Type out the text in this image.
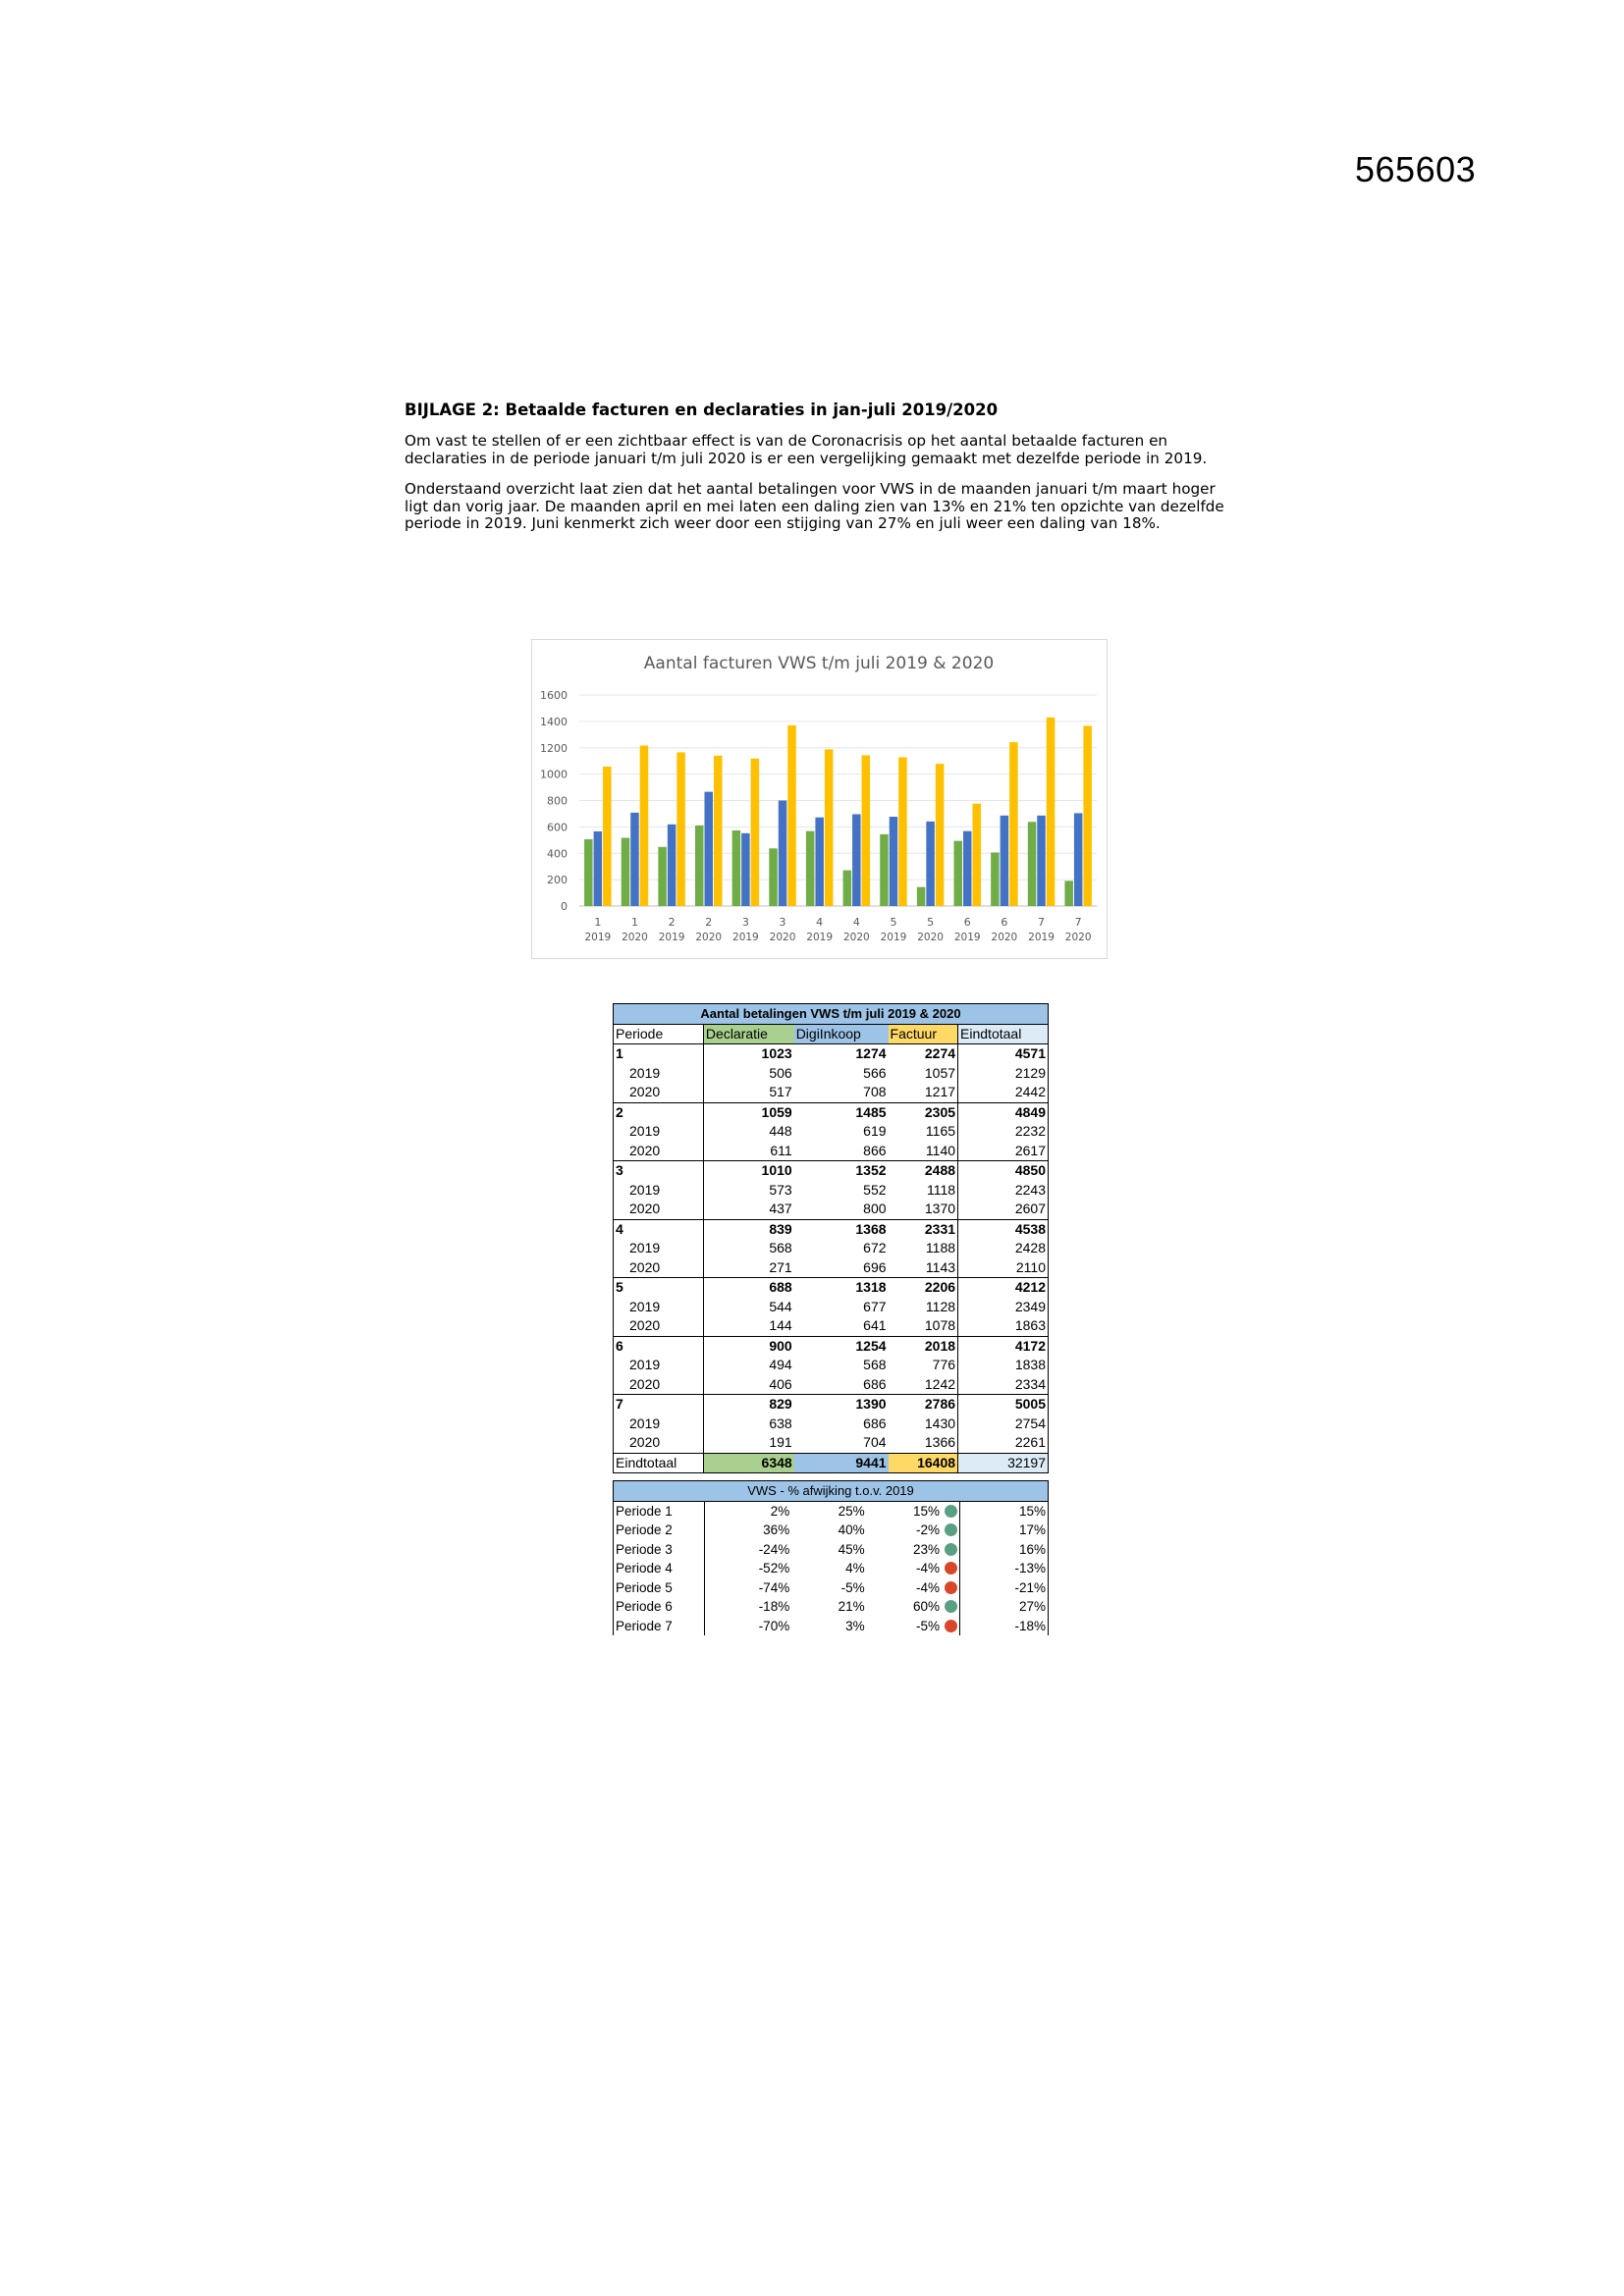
565603

BIJLAGE 2: Betaalde facturen en declaraties in jan-juli 2019/2020

Om vast te stellen of er een zichtbaar effect is van de Coronacrisis op het aantal betaalde facturen en declaraties in de periode januari t/m juli 2020 is er een vergelijking gemaakt met dezelfde periode in 2019.

Onderstaand overzicht laat zien dat het aantal betalingen voor VWS in de maanden januari t/m maart hoger ligt dan vorig jaar. De maanden april en mei laten een daling zien van 13% en 21% ten opzichte van dezelfde periode in 2019. Juni kenmerkt zich weer door een stijging van 27% en juli weer een daling van 18%.

Aantal facturen VWS t/m juli 2019 & 2020
0
200
400
600
800
1000
1200
1400
1600
1
2019
1
2020
2
2019
2
2020
3
2019
3
2020
4
2019
4
2020
5
2019
5
2020
6
2019
6
2020
7
2019
7
2020
Aantal betalingen VWS t/m juli 2019 & 2020				
Periode	Declaratie	DigiInkoop	Factuur	Eindtotaal
1	1023	1274	2274	4571
2019	506	566	1057	2129
2020	517	708	1217	2442
2	1059	1485	2305	4849
2019	448	619	1165	2232
2020	611	866	1140	2617
3	1010	1352	2488	4850
2019	573	552	1118	2243
2020	437	800	1370	2607
4	839	1368	2331	4538
2019	568	672	1188	2428
2020	271	696	1143	2110
5	688	1318	2206	4212
2019	544	677	1128	2349
2020	144	641	1078	1863
6	900	1254	2018	4172
2019	494	568	776	1838
2020	406	686	1242	2334
7	829	1390	2786	5005
2019	638	686	1430	2754
2020	191	704	1366	2261
Eindtotaal	6348	9441	16408	32197
VWS - % afwijking t.o.v. 2019					
Periode 1	2%	25%	15%		15%
Periode 2	36%	40%	-2%		17%
Periode 3	-24%	45%	23%		16%
Periode 4	-52%	4%	-4%		-13%
Periode 5	-74%	-5%	-4%		-21%
Periode 6	-18%	21%	60%		27%
Periode 7	-70%	3%	-5%		-18%
